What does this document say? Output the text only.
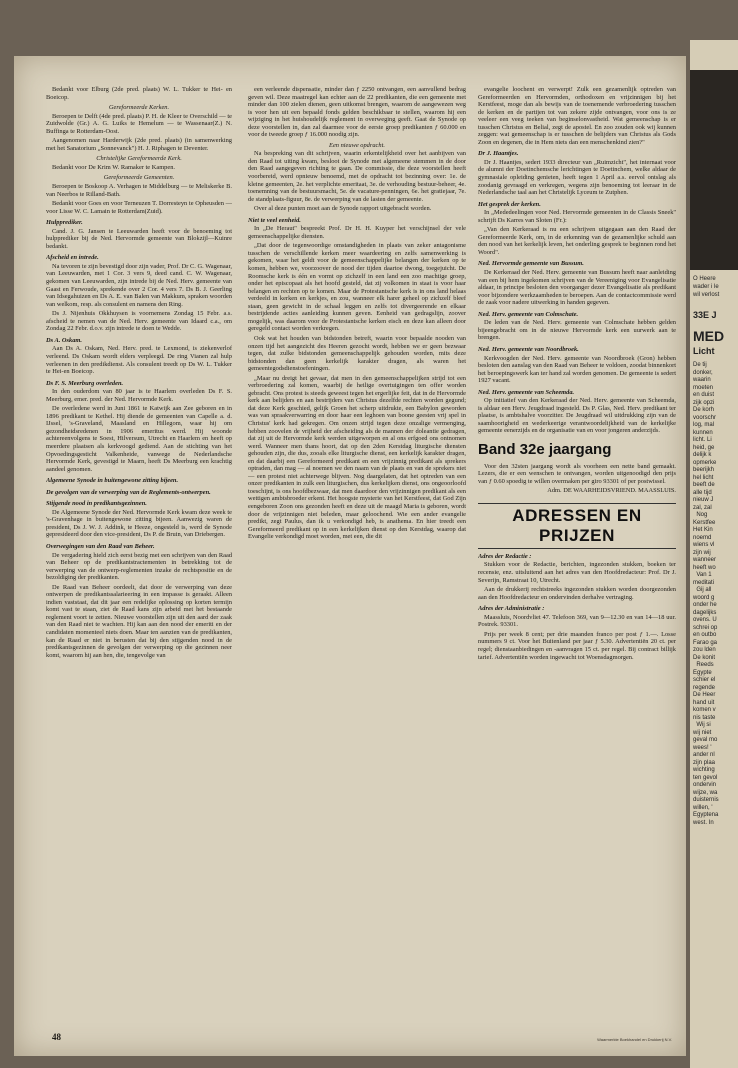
Bedankt voor Elburg (2de pred. plaats) W. L. Tukker te Hei- en Boeicop.

Gereformeerde Kerken.

Beroepen te Delft (4de pred. plaats) P. H. de Kleer te Overschild — te Zuidwolde (Gr.) A. G. Luiks te Hemelum — te Wassenaar(Z.) N. Buffinga te Rotterdam-Oost.

Aangenomen naar Harderwijk (2de pred. plaats) (in samenwerking met het Sanatorium „Sonnevanck") H. J. Riphagen te Deventer.

Christelijke Gereformeerde Kerk.

Bedankt voor De Krim W. Ramaker te Kampen.

Gereformeerde Gemeenten.

Beroepen te Boskoop A. Verhagen te Middelburg — te Meliskerke B. van Neerbos te Rilland-Bath.

Bedankt voor Goes en voor Terneuzen T. Dorresteyn te Opheusden — voor Lisse W. C. Lamain te Rotterdam(Zuid).

Hulpprediker.

Cand. J. G. Jansen te Leeuwarden heeft voor de benoeming tot hulpprediker bij de Ned. Hervormde gemeente van Blokzijl—Kuinre bedankt.

Afscheid en intrede.

Na tevoren te zijn bevestigd door zijn vader, Prof. Dr C. G. Wagenaar, van Leeuwarden, met 1 Cor. 3 vers 9, deed cand. C. W. Wagenaar, gekomen van Leeuwarden, zijn intrede bij de Ned. Herv. gemeente van Gaast en Ferwoude, sprekende over 2 Cor. 4 vers 7. Ds B. J. Geerling van Idsegahuizen en Ds A. E. van Balen van Makkum, spraken woorden van welkom, resp. als consulent en namens den Ring.

Ds J. Nijenhuis Okkhuysen is voornemens Zondag 15 Febr. a.s. afscheid te nemen van de Ned. Herv. gemeente van Idaard c.a., om Zondag 22 Febr. d.o.v. zijn intrede te doen te Wedde.

Ds A. Oskam.

Aan Ds A. Oskam, Ned. Herv. pred. te Lexmond, is ziekenverlof verleend. Ds Oskam wordt elders verpleegd. De ring Vianen zal hulp verleenen in den predikdienst. Als consulent treedt op Ds W. L. Tukker te Hei-en Boeicop.

Ds F. S. Meerburg overleden.

In den ouderdom van 80 jaar is te Haarlem overleden Ds F. S. Meerburg, emer. pred. der Ned. Hervormde Kerk.

De overledene werd in Juni 1861 te Katwijk aan Zee geboren en in 1896 predikant te Kethel. Hij diende de gemeenten van Capelle a. d. IJssel, 's-Graveland, Maasland en Hillegom, waar hij om gezondheidsredenen in 1906 emeritus werd. Hij woonde achtereenvolgens te Soest, Hilversum, Utrecht en Haarlem en heeft op meerdere plaatsen als kerkvoogd gediend. Aan de stichting van het Opvoedingsgesticht Valkenheide, vanwege de Nederlandsche Hervormde Kerk, gevestigd te Maarn, heeft Ds Meerburg een krachtig aandeel genomen.

Algemeene Synode in buitengewone zitting bijeen.

De gevolgen van de verwerping van de Reglements-ontwerpen.

Stijgende nood in predikantsgezinnen.

De Algemeene Synode der Ned. Hervormde Kerk kwam deze week te 's-Gravenhage in buitengewone zitting bijeen. Aanwezig waren de president, Ds J. W. J. Addink, te Heeze, ongesteld is, werd de Synode gepresideerd door den vice-president, Ds P. de Bruin, van Driebergen.

Overwegingen van den Raad van Beheer.

De vergadering hield zich eerst bezig met een schrijven van den Raad van Beheer op de predikantstractementen in betrekking tot de verwerping van de ontwerp-reglementen inzake de rechtspositie en de bezoldiging der predikanten.

De Raad van Beheer oordeelt, dat door de verwerping van deze ontwerpen de predikantssalarieering in een impasse is geraakt. Alleen indien vaststaat, dat dit jaar een redelijke oplossing op korten termijn komt vast te staan, ziet de Raad kans zijn arbeid met het bestaande reglement voort te zetten. Nieuwe voorstellen zijn uit den aard der zaak van den Raad niet te wachten. Hij kan aan den nood der emeriti en der candidaten momenteel niets doen. Maar ten aanzien van de predikanten, kan de Raad er niet in berusten dat bij den stijgenden nood in de predikantsgezinnen de gevolgen der verwerping op die gezinnen neer komt, waarom hij aan hen, die, tengevolge van

een verleende dispensatie, minder dan ƒ 2250 ontvangen, een aanvullend bedrag geven wil. Deze maatregel kan echter aan de 22 predikanten, die een gemeente met minder dan 100 zielen dienen, geen uitkomst brengen, waarom de aangewezen weg is voor hen uit een bepaald fonds gelden beschikbaar te stellen, waarom hij een wijziging in het huishoudelijk reglement in overweging geeft. Gaat de Synode op deze voorstellen in, dan zal daarmee voor de eerste groep predikanten ƒ 60.000 en voor de tweede groep ƒ 16.000 noodig zijn.

Een nieuwe opdracht.

Na bespreking van dit schrijven, waarin erkentelijkheid over het aanbijven van den Raad tot uiting kwam, besloot de Synode met algemeene stemmen in de door den Raad aangegeven richting te gaan. De commissie, die deze voorstellen heeft voorbereid, werd opnieuw benoemd, met de opdracht tot bezinning over: 1e. de kleine gemeenten, 2e. het verplichte emeritaat, 3e. de verhouding bestuur-beheer, 4e. toenemning van de bestuursmacht, 5e. de vacature-penningen, 6e. het gratiejaar, 7e. de standplaats-figuur, 8e. de verwerping van de lasten der gemeente.

Over al deze punten moet aan de Synode rapport uitgebracht worden.

Niet te veel eenheid.

In „De Heraut" bespreekt Prof. Dr H. H. Kuyper het verschijnsel der vele gemeenschappelijke diensten.

„Dat door de tegenwoordige omstandigheden in plaats van zeker antagonisme tusschen de verschillende kerken meer waardeering en zelfs samenwerking is gekomen, waar het geldt voor de gemeenschappelijke belangen der kerken op te komen, hebben we, voorzoover de nood der tijden daartoe dwong, toegejuicht. De Roomsche kerk is één en vormt op zichzelf in een land een zoo machtige groep, onder het episcopaat als het hoofd gesteld, dat zij volkomen in staat is voor haar belangen en rechten op te komen. Maar de Protestantsche kerk is in ons land helaas verdeeld in kerken en kerkjes, en zou, wanneer elk harer geheel op zichzelf bleef staan, geen gewicht in de schaal leggen en zelfs tot divergeerende en elkaar bestrijdende acties aanleiding kunnen geven. Eenheid van gedragslijn, zoover mogelijk, was daarom voor de Protestantsche kerken eisch en deze kan alleen door geregeld contact worden verkregen.

Ook wat het houden van bidstonden betreft, waarin voor bepaalde nooden van onzen tijd het aangezicht des Heeren gezocht wordt, hebben we er geen bezwaar tegen, dat zulke bidstonden gemeenschappelijk gehouden worden, mits deze bidstonden dan geen kerkelijk karakter dragen, als waren het gemeentegodsdienstoefeningen.

„Maar nu dreigt het gevaar, dat men in den gemeenschappelijken strijd tot een verbroedering zal komen, waarbij de heilige overtuigingen ten offer worden gebracht. Ons protest is steeds geweest tegen het ergerlijke feit, dat in de Hervormde kerk aan belijders en aan bestrijders van Christus dezelfde rechten worden gegund; dat deze Kerk geschied, gelijk Groen het scherp uitdrukte, een Babylon geworden was van spraakverwarring en door haar een leghoen van boone geesten vrij spel in Christus' kerk had gekregen. Om onzen strijd tegen deze onzalige vermenging, hebben zoovelen de vrijheid der afscheiding als de mannen der doleantie gedragen, dat zij uit de Hervormde kerk werden uitgeworpen en al ons erfgoed ons ontnomen werd. Wanneer men thans hoort, dat op den 2den Kerstdag liturgische diensten gehouden zijn, die dus, zooals elke liturgische dienst, een kerkelijk karakter dragen, en dat daarbij een Gereformeerd predikant en een vrijzinnig predikant als sprekers optraden, dan mag — al noemen we den naam van de plaats en van de sprekers niet — een protest niet achterwege blijven. Nog daargelaten, dat het optreden van een onzer predikanten in zulk een liturgischen, dus kerkelijken dienst, ons ongeoorloofd toeschijnt, is ons hoofdbezwaar, dat men daardoor den vrijzinnigen predikant als een wettigen ambtsbroeder erkent. Het hoogste mysterie van het Kerstfeest, dat God Zijn eengeboren Zoon ons gezonden heeft en deze uit de maagd Maria is geboren, wordt door de vrijzinnigen niet beleden, maar geloochend. Wie een ander evangelie predikt, zegt Paulus, dan ik u verkondigd heb, is anathema. En hier treedt een Gereformeerd predikant op in een kerkelijken dienst op den Kerstdag, waarop dat Evangelie verkondigd moet worden, met een, die dit

evangelie loochent en verwerpt! Zulk een gezamenlijk optreden van Gereformeerden en Hervormden, orthodoxen en vrijzinnigen bij het Kerstfeest, moge dan als bewijs van de toenemende verbroedering tusschen de kerken en de partijen tot van zekere zijde ontvangen, voor ons is ze veeleer een veeg teeken van beginselonvastheid. Wat gemeenschap is er tusschen Christus en Belial, zegt de apostel. En zoo zouden ook wij kunnen zeggen: wat gemeenschap is er tusschen de belijders van Christus als Gods Zoon en degenen, die in Hem niets dan een menschenkind zien?"

Dr J. Haantjes.

Dr J. Haantjes, sedert 1933 directeur van „Ruimzicht", het internaat voor de alumni der Doetinchemsche lerichtingen te Doetinchem, welke aldaar de gymnasiale opleiding genieten, heeft tegen 1 April a.s. eervol ontslag als zoodanig gevraagd en verkregen, wegens zijn benoeming tot leeraar in de Nederlandsche taal aan het Christelijk Lyceum te Zutphen.

Het gesprek der kerken.

In „Mededeelingen voor Ned. Hervormde gemeenten in de Classis Sneek" schrijft Ds Karres van Sloten (Fr.):

„Van den Kerkeraad is nu een schrijven uitgegaan aan den Raad der Gereformeerde Kerk, om, in de erkenning van de gezamenlijke schuld aan den nood van het kerkelijk leven, het onderling gesprek te beginnen rond het Woord".

Ned. Hervormde gemeente van Bussum.

De Kerkeraad der Ned. Herv. gemeente van Bussum heeft naar aanleiding van een bij hem ingekomen schrijven van de Vereeniging voor Evangelisatie aldaar, in principe besloten den voorganger dezer Evangelisatie als predikant voor bijzondere werkzaamheden te beroepen. Aan de contactcommissie werd de zaak voor nadere uitwerking in handen gegeven.

Ned. Herv. gemeente van Colmschate.

De leden van de Ned. Herv. gemeente van Colmschate hebben gelden bijeengebracht om in de nieuwe Hervormde kerk een uurwerk aan te brengen.

Ned. Herv. gemeente van Noordbroek.

Kerkvoogden der Ned. Herv. gemeente van Noordbroek (Gron) hebben besloten den aanslag van den Raad van Beheer te voldoen, zoodat binnenkort het beroepingswerk kan ter hand zal worden genomen. De gemeente is sedert 1927 vacant.

Ned. Herv. gemeente van Scheemda.

Op initiatief van den Kerkeraad der Ned. Herv. gemeente van Scheemda, is aldaar een Herv. Jeugdraad ingesteld. Ds P. Glas, Ned. Herv. predikant ter plaatse, is ambtshalve voorzitter. De Jeugdraad wil uitdrukking zijn van de saamhoorigheid en wederkeerige verantwoordelijkheid van de kerkelijke gemeente eenerzijds en de organisatie van en voor jongeren anderzijds.

Band 32e jaargang

Voor den 32sten jaargang wordt als voorheen een nette band gemaakt. Lezers, die er een wenschen te ontvangen, worden uitgenoodigd den prijs van ƒ 0.60 spoedig te willen overmaken per giro 93301 of per postwissel.

Adm. DE WAARHEIDSVRIEND. MAASSLUIS.

ADRESSEN EN PRIJZEN

Adres der Redactie :

Stukken voor de Redactie, berichten, ingezonden stukken, boeken ter recensie, enz. uitsluitend aan het adres van den Hoofdredacteur: Prof. Dr J. Severijn, Ramstraat 10, Utrecht.

Aan de drukkerij rechtstreeks ingezonden stukken worden doorgezonden aan den Hoofdredacteur en ondervinden derhalve vertraging.

Adres der Administratie :

Maassluis, Noordvliet 47. Telefoon 369, van 9—12.30 en van 14—18 uur. Postrek. 93301.

Prijs per week 8 cent; per drie maanden franco per post ƒ 1.—. Losse nummers 9 ct. Voor het Buitenland per jaar ƒ 5.30. Advertentiën 20 ct. per regel; dienstaanbiedingen en -aanvragen 15 ct. per regel. Bij contract billijk tarief. Advertentiën worden ingewacht tot Woensdagmorgen.

48	Waarmerkte Boekhandel en Drukkerij N.V.
O Heere
wader i le
wil verlost
33E J
MED
Licht
De tij
donker,
waarin
moeten
en duist
zijk opzi
De korh
voorschr
log, mal
kunnen
licht. Li
heid, ge
delijk k
opmerke
beerijkh
hel licht
beeft de
alle tijd
nieuw J
zal, zal
Nog
Kerstfee
Het Kin
noemd
wiens vl
zijn wij
wanneer
heeft wo
Van 1
meditati
Gij all
woord g
onder he
dagelijks
ovens. U
schrei op
en outbo
Farao ga
zou lden
De konit
Reeds
Egypte
schier el
regende
De Heer
hand uit
komen v
nis taste
Wij si
wij niet
geval mo
wees! '
ander nl
zijn plaa
wichting
ten gevol
ondervin
wijze, wa
duisternis
willen, '
Egyptena
west. In
